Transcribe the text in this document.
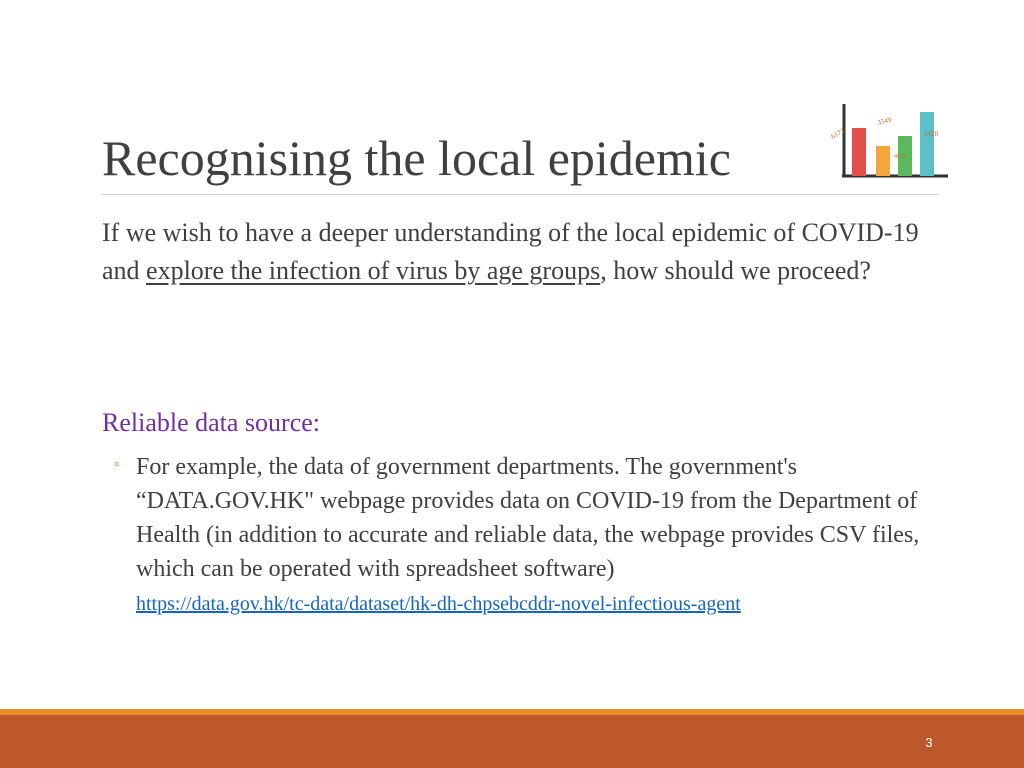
Recognising the local epidemic	6173
3549
5438
4631
If we wish to have a deeper understanding of the local epidemic of COVID-19 and explore the infection of virus by age groups, how should we proceed?
Reliable data source:
◦ For example, the data of government departments. The government's “DATA.GOV.HK" webpage provides data on COVID-19 from the Department of Health (in addition to accurate and reliable data, the webpage provides CSV files, which can be operated with spreadsheet software)
https://data.gov.hk/tc-data/dataset/hk-dh-chpsebcddr-novel-infectious-agent
3
